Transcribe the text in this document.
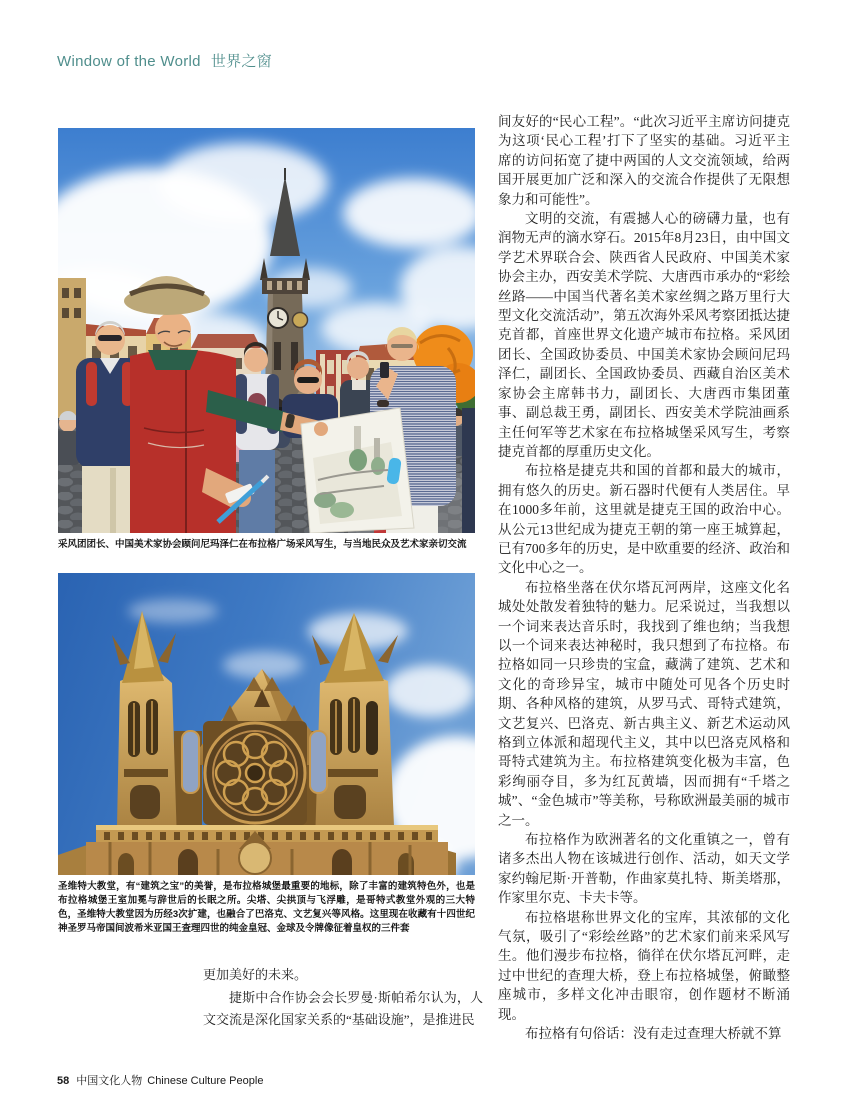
Window of the World 世界之窗
采风团团长、中国美术家协会顾问尼玛泽仁在布拉格广场采风写生，与当地民众及艺术家亲切交流
圣维特大教堂，有“建筑之宝”的美誉，是布拉格城堡最重要的地标，除了丰富的建筑特色外，也是布拉格城堡王室加冕与辞世后的长眠之所。尖塔、尖拱顶与飞浮雕，是哥特式教堂外观的三大特色，圣维特大教堂因为历经3次扩建，也融合了巴洛克、文艺复兴等风格。这里现在收藏有十四世纪神圣罗马帝国间波希米亚国王查理四世的纯金皇冠、金球及令牌像征着皇权的三件套

更加美好的未来。

捷斯中合作协会会长罗曼·斯帕希尔认为，人文交流是深化国家关系的“基础设施”，是推进民

间友好的“民心工程”。“此次习近平主席访问捷克为这项‘民心工程’打下了坚实的基础。习近平主席的访问拓宽了捷中两国的人文交流领域，给两国开展更加广泛和深入的交流合作提供了无限想象力和可能性”。

文明的交流，有震撼人心的磅礴力量，也有润物无声的滴水穿石。2015年8月23日，由中国文学艺术界联合会、陕西省人民政府、中国美术家协会主办，西安美术学院、大唐西市承办的“彩绘丝路——中国当代著名美术家丝绸之路万里行大型文化交流活动”，第五次海外采风考察团抵达捷克首都，首座世界文化遗产城市布拉格。采风团团长、全国政协委员、中国美术家协会顾问尼玛泽仁，副团长、全国政协委员、西藏自治区美术家协会主席韩书力，副团长、大唐西市集团董事、副总裁王勇，副团长、西安美术学院油画系主任何军等艺术家在布拉格城堡采风写生，考察捷克首都的厚重历史文化。

布拉格是捷克共和国的首都和最大的城市，拥有悠久的历史。新石器时代便有人类居住。早在1000多年前，这里就是捷克王国的政治中心。从公元13世纪成为捷克王朝的第一座王城算起，已有700多年的历史，是中欧重要的经济、政治和文化中心之一。

布拉格坐落在伏尔塔瓦河两岸，这座文化名城处处散发着独特的魅力。尼采说过，当我想以一个词来表达音乐时，我找到了维也纳；当我想以一个词来表达神秘时，我只想到了布拉格。布拉格如同一只珍贵的宝盒，藏满了建筑、艺术和文化的奇珍异宝，城市中随处可见各个历史时期、各种风格的建筑，从罗马式、哥特式建筑，文艺复兴、巴洛克、新古典主义、新艺术运动风格到立体派和超现代主义，其中以巴洛克风格和哥特式建筑为主。布拉格建筑变化极为丰富，色彩绚丽夺目，多为红瓦黄墙，因而拥有“千塔之城”、“金色城市”等美称，号称欧洲最美丽的城市之一。

布拉格作为欧洲著名的文化重镇之一，曾有诸多杰出人物在该城进行创作、活动，如天文学家约翰尼斯·开普勒，作曲家莫扎特、斯美塔那，作家里尔克、卡夫卡等。

布拉格堪称世界文化的宝库，其浓郁的文化气氛，吸引了“彩绘丝路”的艺术家们前来采风写生。他们漫步布拉格，徜徉在伏尔塔瓦河畔，走过中世纪的查理大桥，登上布拉格城堡，俯瞰整座城市，多样文化冲击眼帘，创作题材不断涌现。

布拉格有句俗话：没有走过查理大桥就不算

58 中国文化人物 Chinese Culture People
